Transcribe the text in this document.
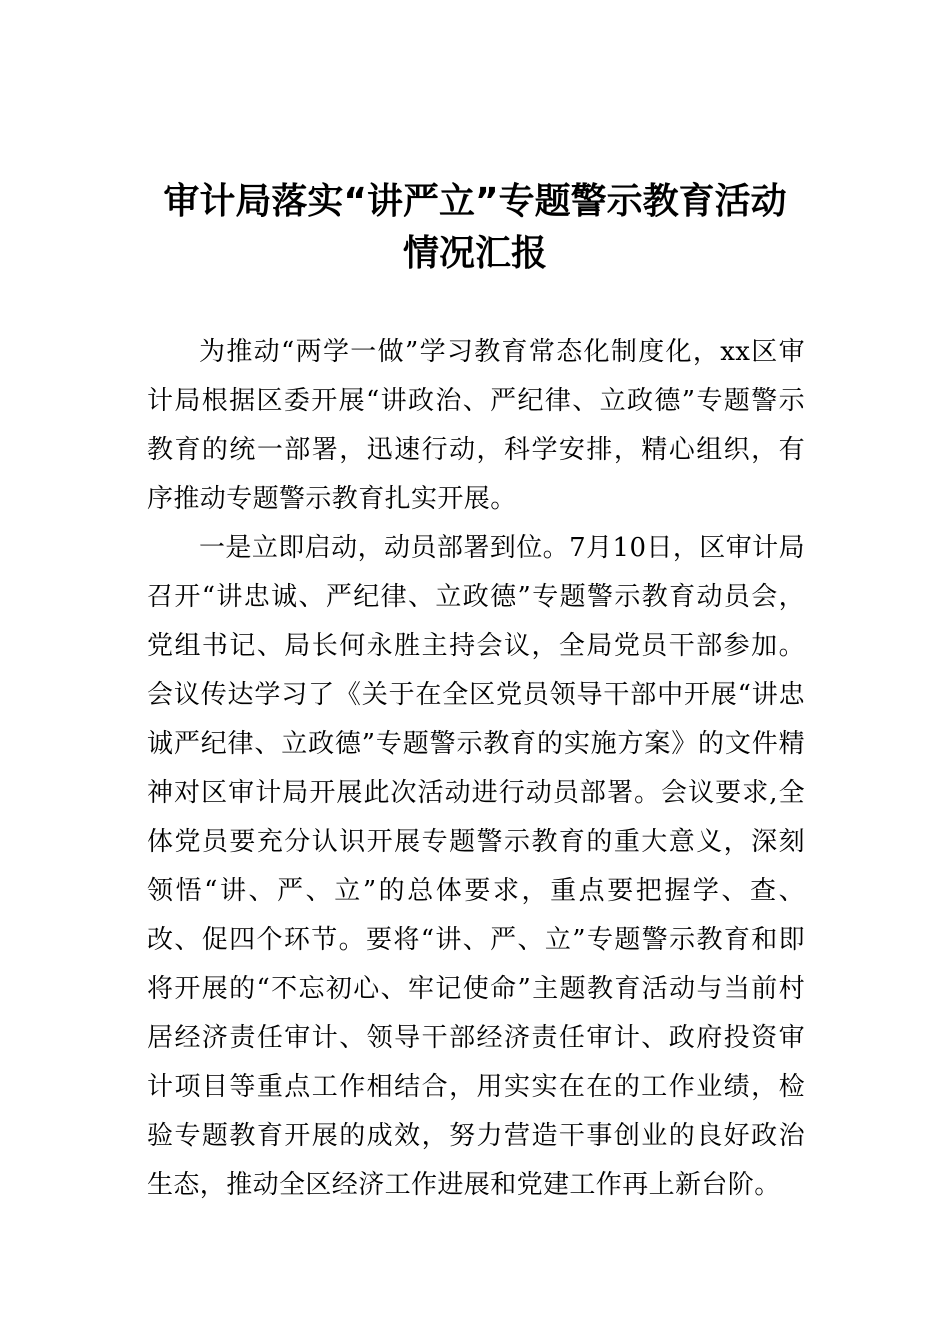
审计局落实“讲严立”专题警示教育活动
情况汇报

为推动“两学一做”学习教育常态化制度化，xx区审计局根据区委开展“讲政治、严纪律、立政德”专题警示教育的统一部署，迅速行动，科学安排，精心组织，有序推动专题警示教育扎实开展。

一是立即启动，动员部署到位。7月10日，区审计局召开“讲忠诚、严纪律、立政德”专题警示教育动员会，党组书记、局长何永胜主持会议，全局党员干部参加。会议传达学习了《关于在全区党员领导干部中开展“讲忠诚严纪律、立政德”专题警示教育的实施方案》的文件精神对区审计局开展此次活动进行动员部署。会议要求,全体党员要充分认识开展专题警示教育的重大意义，深刻领悟“讲、严、立”的总体要求，重点要把握学、查、改、促四个环节。要将“讲、严、立”专题警示教育和即将开展的“不忘初心、牢记使命”主题教育活动与当前村居经济责任审计、领导干部经济责任审计、政府投资审计项目等重点工作相结合，用实实在在的工作业绩，检验专题教育开展的成效，努力营造干事创业的良好政治生态，推动全区经济工作进展和党建工作再上新台阶。
